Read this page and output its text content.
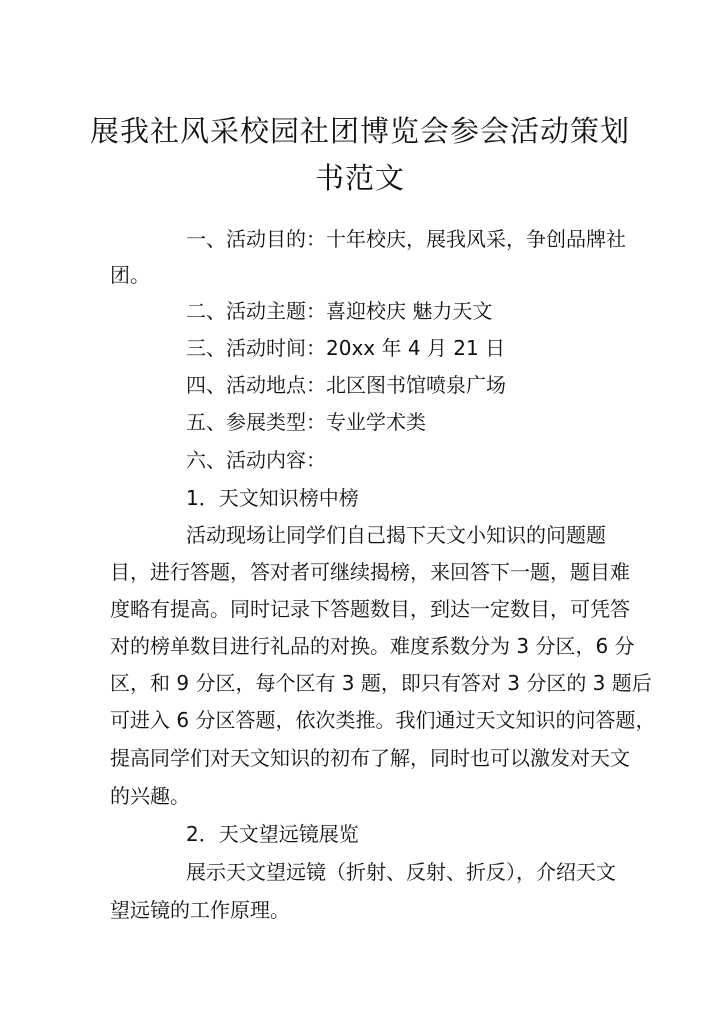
展我社风采校园社团博览会参会活动策划
书范文
一、活动目的：十年校庆，展我风采，争创品牌社
团。
二、活动主题：喜迎校庆 魅力天文
三、活动时间：20xx 年 4 月 21 日
四、活动地点：北区图书馆喷泉广场
五、参展类型：专业学术类
六、活动内容：
1．天文知识榜中榜
活动现场让同学们自己揭下天文小知识的问题题
目，进行答题，答对者可继续揭榜，来回答下一题，题目难
度略有提高。同时记录下答题数目，到达一定数目，可凭答
对的榜单数目进行礼品的对换。难度系数分为 3 分区，6 分
区，和 9 分区，每个区有 3 题，即只有答对 3 分区的 3 题后
可进入 6 分区答题，依次类推。我们通过天文知识的问答题，
提高同学们对天文知识的初布了解，同时也可以激发对天文
的兴趣。
2．天文望远镜展览
展示天文望远镜（折射、反射、折反），介绍天文
望远镜的工作原理。
